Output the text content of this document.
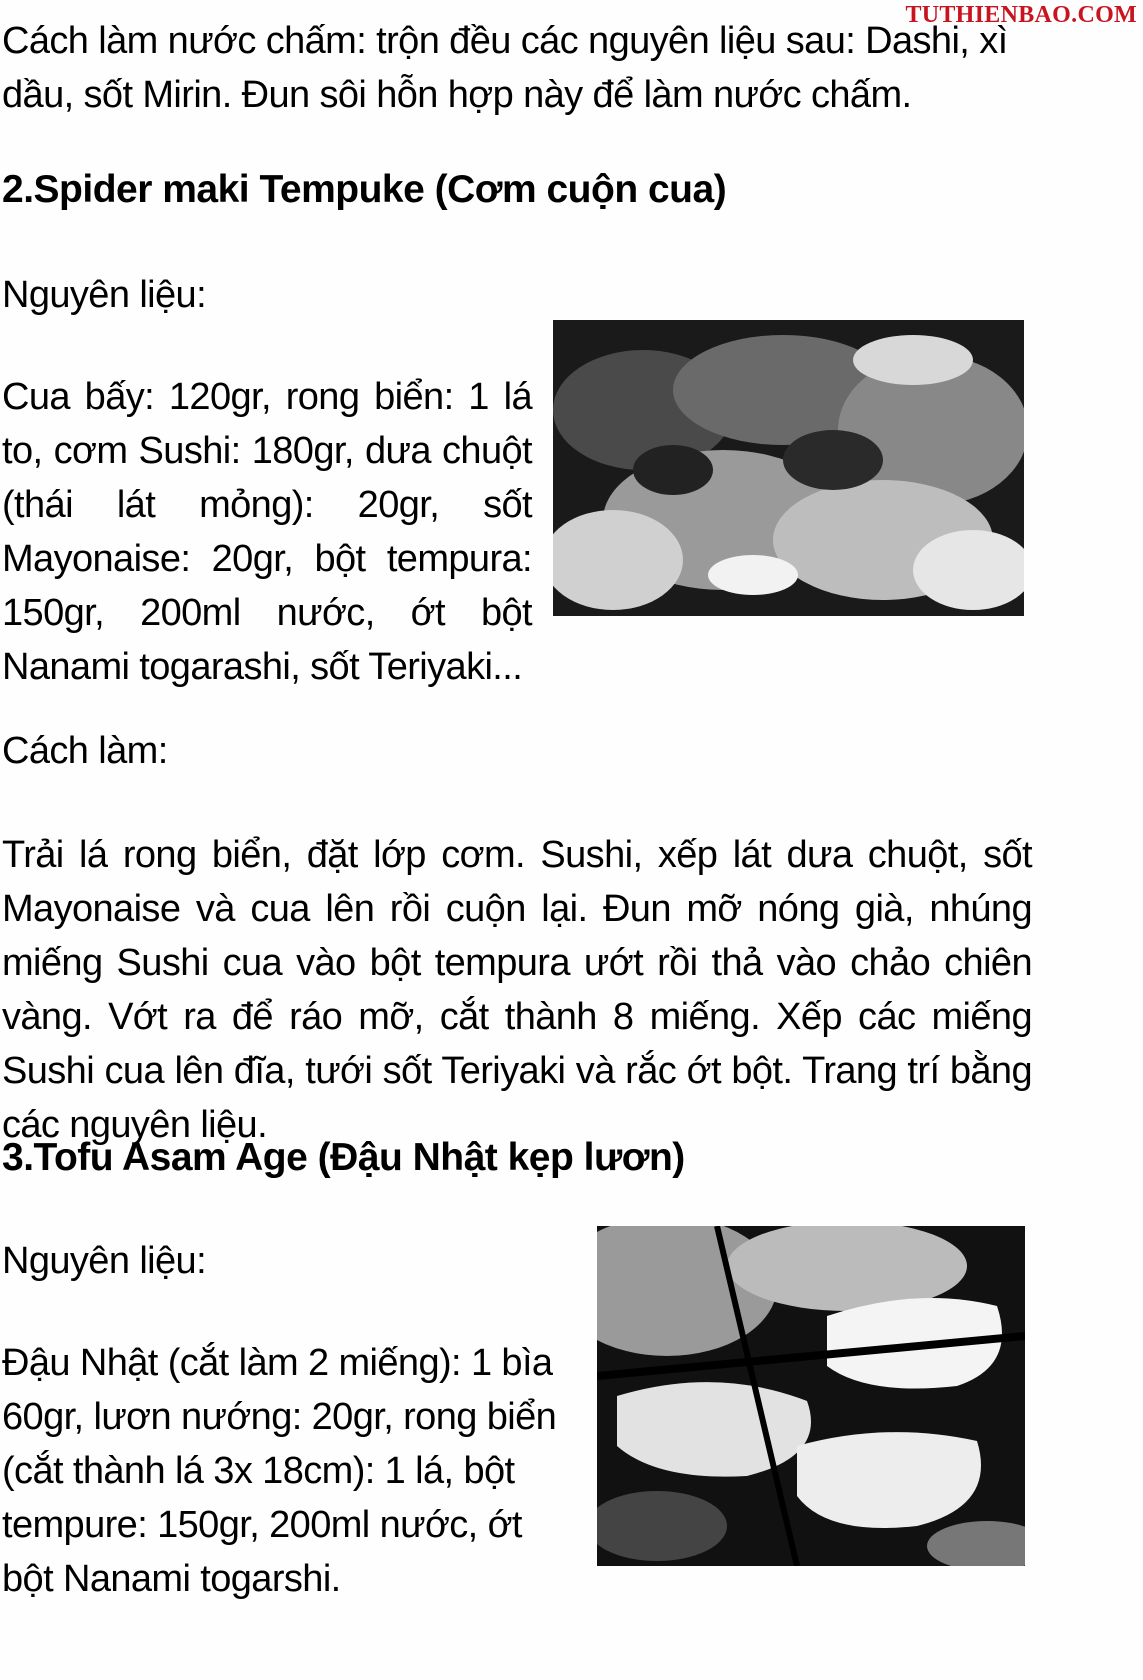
TUTHIENBAO.COM

Cách làm nước chấm: trộn đều các nguyên liệu sau: Dashi, xì dầu, sốt Mirin. Đun sôi hỗn hợp này để làm nước chấm.

2.Spider maki Tempuke (Cơm cuộn cua)

Nguyên liệu:

Cua bấy: 120gr, rong biển: 1 lá to, cơm Sushi: 180gr, dưa chuột (thái lát mỏng): 20gr, sốt Mayonaise: 20gr, bột tempura: 150gr, 200ml nước, ớt bột Nanami togarashi, sốt Teriyaki...

Cách làm:

Trải lá rong biển, đặt lớp cơm. Sushi, xếp lát dưa chuột, sốt Mayonaise và cua lên rồi cuộn lại. Đun mỡ nóng già, nhúng miếng Sushi cua vào bột tempura ướt rồi thả vào chảo chiên vàng. Vớt ra để ráo mỡ, cắt thành 8 miếng. Xếp các miếng Sushi cua lên đĩa, tưới sốt Teriyaki và rắc ớt bột. Trang trí bằng các nguyên liệu.

3.Tofu Asam Age (Đậu Nhật kẹp lươn)

Nguyên liệu:

Đậu Nhật (cắt làm 2 miếng): 1 bìa 60gr, lươn nướng: 20gr, rong biển (cắt thành lá 3x 18cm): 1 lá, bột tempure: 150gr, 200ml nước, ớt bột Nanami togarshi.
